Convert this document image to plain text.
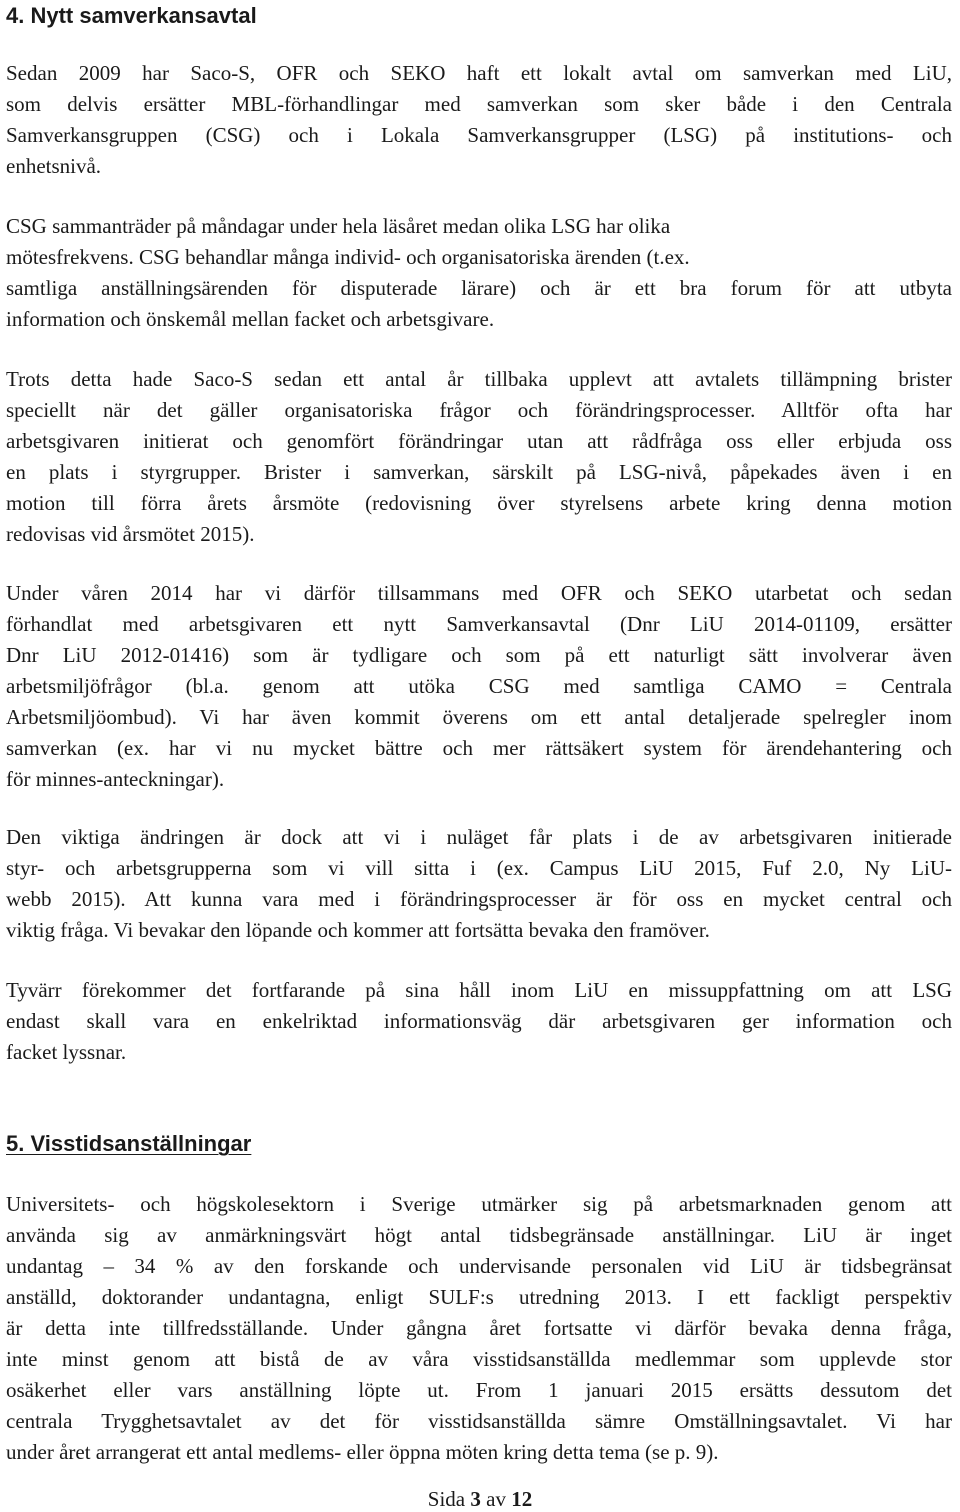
4. Nytt samverkansavtal
Sedan 2009 har Saco-S, OFR och SEKO haft ett lokalt avtal om samverkan med LiU,
som delvis ersätter MBL-förhandlingar med samverkan som sker både i den Centrala
Samverkansgruppen (CSG) och i Lokala Samverkansgrupper (LSG) på institutions- och
enhetsnivå.
CSG sammanträder på måndagar under hela läsåret medan olika LSG har olika
mötesfrekvens. CSG behandlar många individ- och organisatoriska ärenden (t.ex.
samtliga anställningsärenden för disputerade lärare) och är ett bra forum för att utbyta
information och önskemål mellan facket och arbetsgivare.
Trots detta hade Saco-S sedan ett antal år tillbaka upplevt att avtalets tillämpning brister
speciellt när det gäller organisatoriska frågor och förändringsprocesser. Alltför ofta har
arbetsgivaren initierat och genomfört förändringar utan att rådfråga oss eller erbjuda oss
en plats i styrgrupper. Brister i samverkan, särskilt på LSG-nivå, påpekades även i en
motion till förra årets årsmöte (redovisning över styrelsens arbete kring denna motion
redovisas vid årsmötet 2015).
Under våren 2014 har vi därför tillsammans med OFR och SEKO utarbetat och sedan
förhandlat med arbetsgivaren ett nytt Samverkansavtal (Dnr LiU 2014-01109, ersätter
Dnr LiU 2012-01416) som är tydligare och som på ett naturligt sätt involverar även
arbetsmiljöfrågor (bl.a. genom att utöka CSG med samtliga CAMO = Centrala
Arbetsmiljöombud). Vi har även kommit överens om ett antal detaljerade spelregler inom
samverkan (ex. har vi nu mycket bättre och mer rättsäkert system för ärendehantering och
för minnes-anteckningar).
Den viktiga ändringen är dock att vi i nuläget får plats i de av arbetsgivaren initierade
styr- och arbetsgrupperna som vi vill sitta i (ex. Campus LiU 2015, Fuf 2.0, Ny LiU-
webb 2015). Att kunna vara med i förändringsprocesser är för oss en mycket central och
viktig fråga. Vi bevakar den löpande och kommer att fortsätta bevaka den framöver.
Tyvärr förekommer det fortfarande på sina håll inom LiU en missuppfattning om att LSG
endast skall vara en enkelriktad informationsväg där arbetsgivaren ger information och
facket lyssnar.
5. Visstidsanställningar
Universitets- och högskolesektorn i Sverige utmärker sig på arbetsmarknaden genom att
använda sig av anmärkningsvärt högt antal tidsbegränsade anställningar. LiU är inget
undantag – 34 % av den forskande och undervisande personalen vid LiU är tidsbegränsat
anställd, doktorander undantagna, enligt SULF:s utredning 2013. I ett fackligt perspektiv
är detta inte tillfredsställande. Under gångna året fortsatte vi därför bevaka denna fråga,
inte minst genom att bistå de av våra visstidsanställda medlemmar som upplevde stor
osäkerhet eller vars anställning löpte ut. From 1 januari 2015 ersätts dessutom det
centrala Trygghetsavtalet av det för visstidsanställda sämre Omställningsavtalet. Vi har
under året arrangerat ett antal medlems- eller öppna möten kring detta tema (se p. 9).
Sida 3 av 12
